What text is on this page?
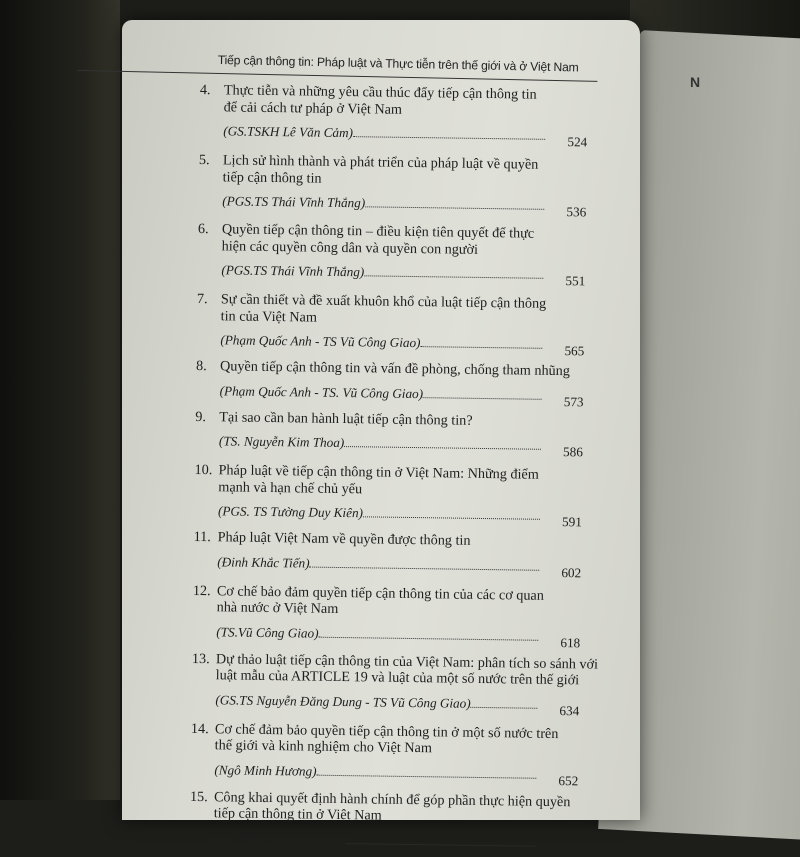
N
6	Tiếp cận thông tin: Pháp luật và Thực tiễn trên thế giới và ở Việt Nam
4. Thực tiễn và những yêu cầu thúc đẩy tiếp cận thông tin
để cải cách tư pháp ở Việt Nam
(GS.TSKH Lê Văn Cảm)
524
5. Lịch sử hình thành và phát triển của pháp luật về quyền
tiếp cận thông tin
(PGS.TS Thái Vĩnh Thắng)
536
6. Quyền tiếp cận thông tin – điều kiện tiên quyết để thực
hiện các quyền công dân và quyền con người
(PGS.TS Thái Vĩnh Thắng)
551
7. Sự cần thiết và đề xuất khuôn khổ của luật tiếp cận thông
tin của Việt Nam
(Phạm Quốc Anh - TS Vũ Công Giao)
565
8. Quyền tiếp cận thông tin và vấn đề phòng, chống tham nhũng
(Phạm Quốc Anh - TS. Vũ Công Giao)
573
9. Tại sao cần ban hành luật tiếp cận thông tin?
(TS. Nguyễn Kim Thoa)
586
10. Pháp luật về tiếp cận thông tin ở Việt Nam: Những điểm
mạnh và hạn chế chủ yếu
(PGS. TS Tường Duy Kiên)
591
11. Pháp luật Việt Nam về quyền được thông tin
(Đinh Khắc Tiến)
602
12. Cơ chế bảo đảm quyền tiếp cận thông tin của các cơ quan
nhà nước ở Việt Nam
(TS.Vũ Công Giao)
618
13. Dự thảo luật tiếp cận thông tin của Việt Nam: phân tích so sánh với
luật mẫu của ARTICLE 19 và luật của một số nước trên thế giới
(GS.TS Nguyễn Đăng Dung - TS Vũ Công Giao)	634
14. Cơ chế đảm bảo quyền tiếp cận thông tin ở một số nước trên
thế giới và kinh nghiệm cho Việt Nam
(Ngô Minh Hương)
652
15. Công khai quyết định hành chính để góp phần thực hiện quyền
tiếp cận thông tin ở Việt Nam
(TS. Nguyễn Hoàng Anh)
668
